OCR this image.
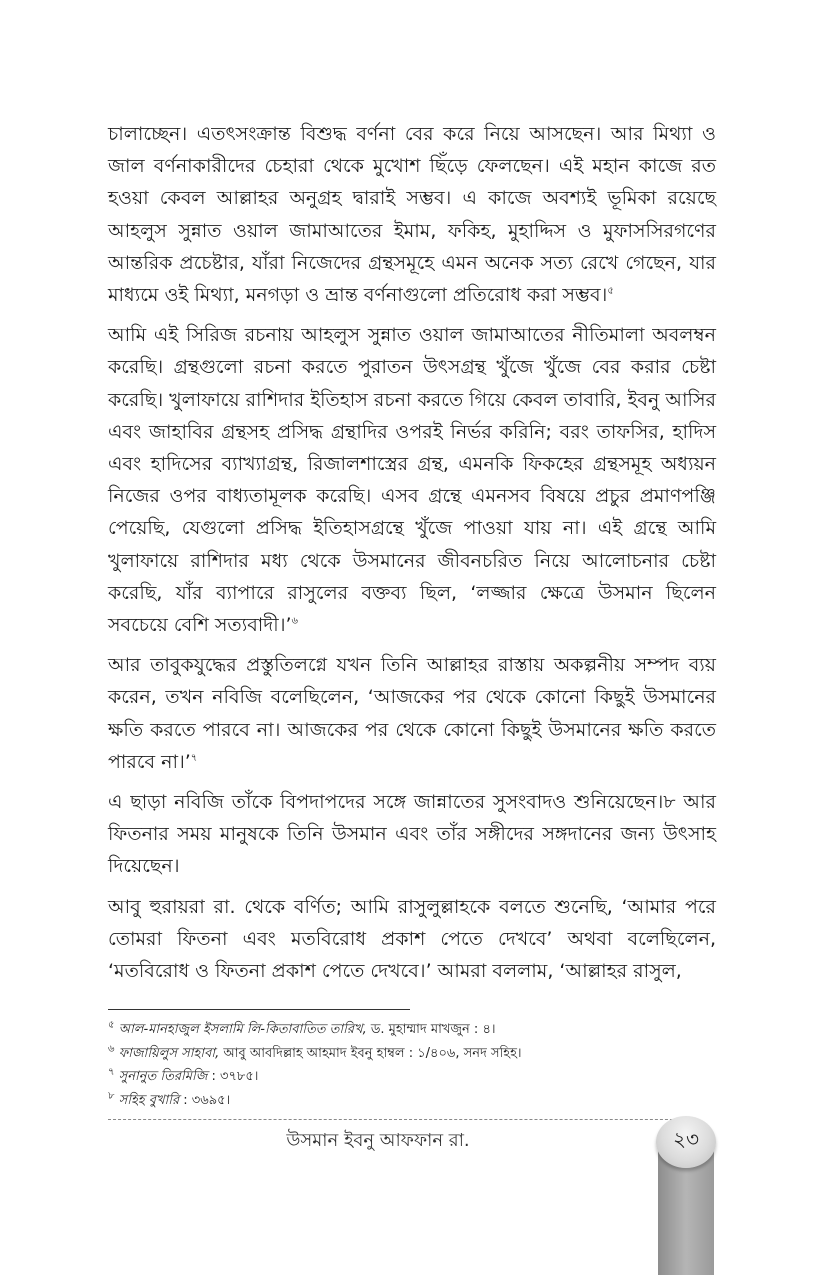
চালাচ্ছেন। এতৎসংক্রান্ত বিশুদ্ধ বর্ণনা বের করে নিয়ে আসছেন। আর মিথ্যা ও জাল বর্ণনাকারীদের চেহারা থেকে মুখোশ ছিঁড়ে ফেলছেন। এই মহান কাজে রত হওয়া কেবল আল্লাহর অনুগ্রহ দ্বারাই সম্ভব। এ কাজে অবশ্যই ভূমিকা রয়েছে আহলুস সুন্নাত ওয়াল জামাআতের ইমাম, ফকিহ, মুহাদ্দিস ও মুফাসসিরগণের আন্তরিক প্রচেষ্টার, যাঁরা নিজেদের গ্রন্থসমূহে এমন অনেক সত্য রেখে গেছেন, যার মাধ্যমে ওই মিথ্যা, মনগড়া ও ভ্রান্ত বর্ণনাগুলো প্রতিরোধ করা সম্ভব।$^৫$

আমি এই সিরিজ রচনায় আহলুস সুন্নাত ওয়াল জামাআতের নীতিমালা অবলম্বন করেছি। গ্রন্থগুলো রচনা করতে পুরাতন উৎসগ্রন্থ খুঁজে খুঁজে বের করার চেষ্টা করেছি। খুলাফায়ে রাশিদার ইতিহাস রচনা করতে গিয়ে কেবল তাবারি, ইবনু আসির এবং জাহাবির গ্রন্থসহ প্রসিদ্ধ গ্রন্থাদির ওপরই নির্ভর করিনি; বরং তাফসির, হাদিস এবং হাদিসের ব্যাখ্যাগ্রন্থ, রিজালশাস্ত্রের গ্রন্থ, এমনকি ফিকহের গ্রন্থসমূহ অধ্যয়ন নিজের ওপর বাধ্যতামূলক করেছি। এসব গ্রন্থে এমনসব বিষয়ে প্রচুর প্রমাণপঞ্জি পেয়েছি, যেগুলো প্রসিদ্ধ ইতিহাসগ্রন্থে খুঁজে পাওয়া যায় না। এই গ্রন্থে আমি খুলাফায়ে রাশিদার মধ্য থেকে উসমানের জীবনচরিত নিয়ে আলোচনার চেষ্টা করেছি, যাঁর ব্যাপারে রাসুলের বক্তব্য ছিল, ‘লজ্জার ক্ষেত্রে উসমান ছিলেন সবচেয়ে বেশি সত্যবাদী।’$^৬$

আর তাবুকযুদ্ধের প্রস্তুতিলগ্নে যখন তিনি আল্লাহর রাস্তায় অকল্পনীয় সম্পদ ব্যয় করেন, তখন নবিজি বলেছিলেন, ‘আজকের পর থেকে কোনো কিছুই উসমানের ক্ষতি করতে পারবে না। আজকের পর থেকে কোনো কিছুই উসমানের ক্ষতি করতে পারবে না।’$^৭$

এ ছাড়া নবিজি তাঁকে বিপদাপদের সঙ্গে জান্নাতের সুসংবাদও শুনিয়েছেন।৮ আর ফিতনার সময় মানুষকে তিনি উসমান এবং তাঁর সঙ্গীদের সঙ্গদানের জন্য উৎসাহ দিয়েছেন।

আবু হুরায়রা রা. থেকে বর্ণিত; আমি রাসুলুল্লাহকে বলতে শুনেছি, ‘আমার পরে তোমরা ফিতনা এবং মতবিরোধ প্রকাশ পেতে দেখবে’ অথবা বলেছিলেন, ‘মতবিরোধ ও ফিতনা প্রকাশ পেতে দেখবে।’ আমরা বললাম, ‘আল্লাহর রাসুল,

$^৫$ আল-মানহাজুল ইসলামি লি-কিতাবাতিত তারিখ, ড. মুহাম্মাদ মাখজুন : ৪।
$^৬$ ফাজায়িলুস সাহাবা, আবু আবদিল্লাহ আহমাদ ইবনু হাম্বল : ১/৪০৬, সনদ সহিহ।
$^৭$ সুনানুত তিরমিজি : ৩৭৮৫।
$^৮$ সহিহ বুখারি : ৩৬৯৫।
উসমান ইবনু আফফান রা.	২৩
